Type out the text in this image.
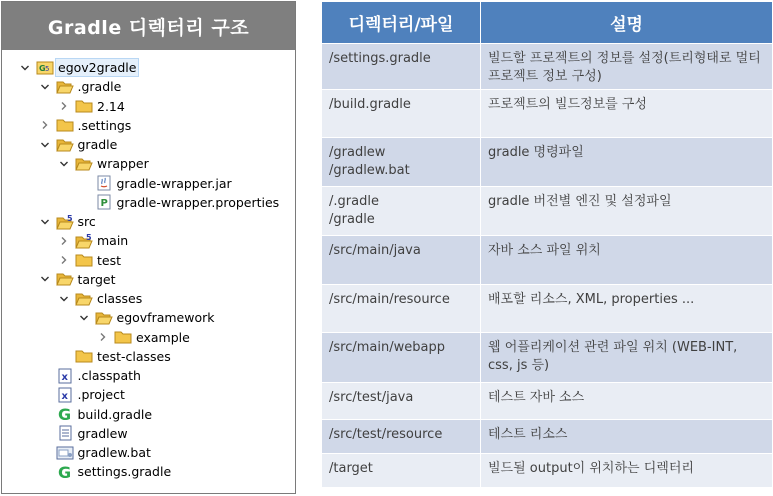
Gradle 디렉터리 구조
G 5 egov2gradle
.gradle
2.14
.settings
gradle
wrapper
gradle-wrapper.jar
P gradle-wrapper.properties
5 src
5 main
test
target
classes
egovframework
example
test-classes
x .classpath
x .project
G build.gradle
gradlew
gradlew.bat
G settings.gradle
디렉터리/파일	설명

/settings.gradle	빌드할 프로젝트의 정보를 설정(트리형태로 멀티프로젝트 정보 구성)

/build.gradle	프로젝트의 빌드정보를 구성

/gradlew
/gradlew.bat	gradle 명령파일

/.gradle
/gradle	gradle 버전별 엔진 및 설정파일

/src/main/java	자바 소스 파일 위치

/src/main/resource	배포할 리소스, XML, properties ...

/src/main/webapp	웹 어플리케이션 관련 파일 위치 (WEB-INT, css, js 등)

/src/test/java	테스트 자바 소스

/src/test/resource	테스트 리소스

/target	빌드될 output이 위치하는 디렉터리
